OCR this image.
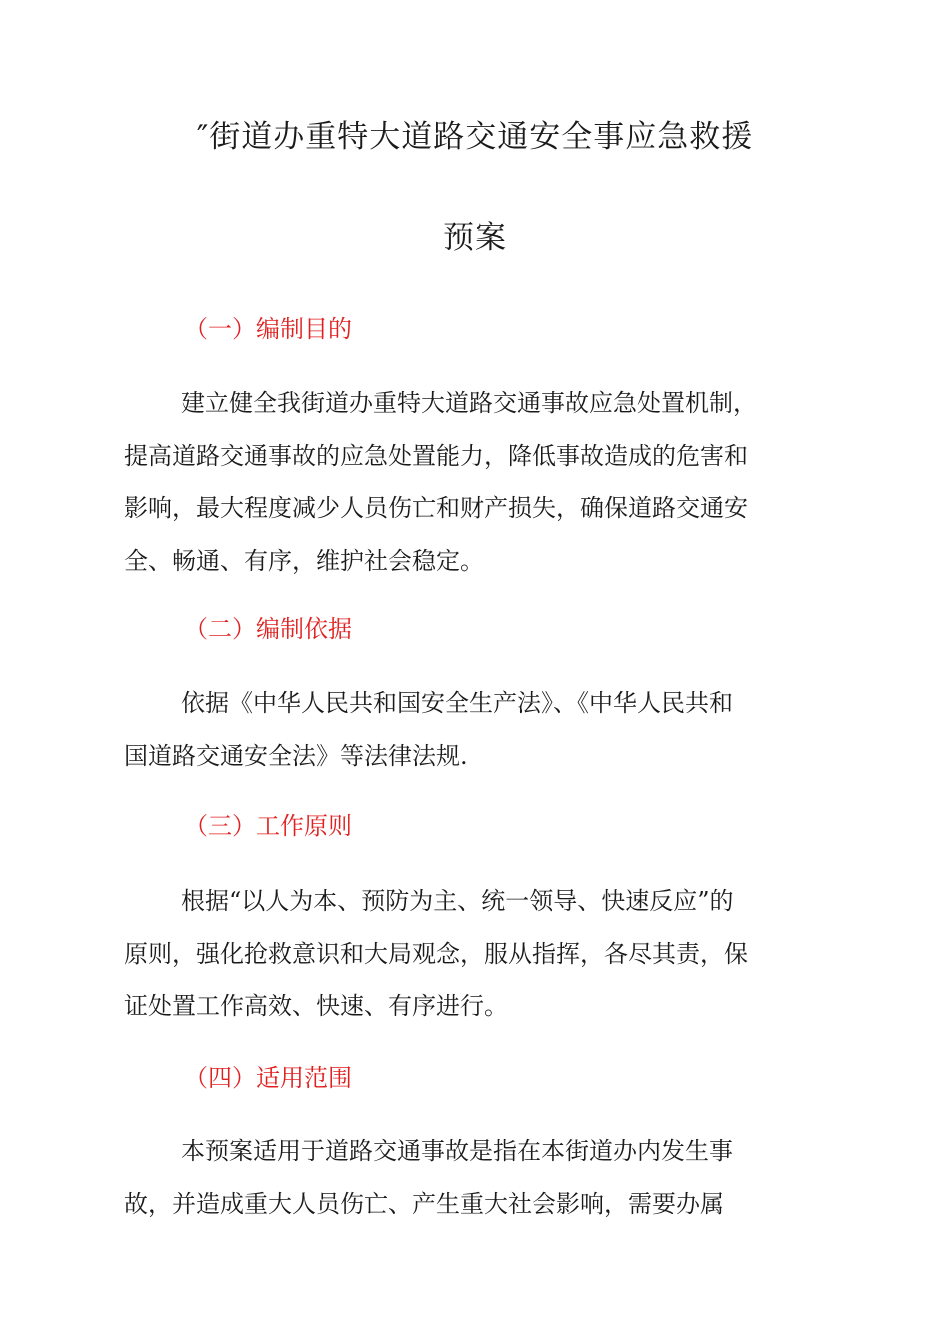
″街道办重特大道路交通安全事应急救援
预案
（一）编制目的
建立健全我街道办重特大道路交通事故应急处置机制，
提高道路交通事故的应急处置能力，降低事故造成的危害和
影响，最大程度减少人员伤亡和财产损失，确保道路交通安
全、畅通、有序，维护社会稳定。
（二）编制依据
依据《中华人民共和国安全生产法》、《中华人民共和
国道路交通安全法》等法律法规.
（三）工作原则
根据“以人为本、预防为主、统一领导、快速反应”的
原则，强化抢救意识和大局观念，服从指挥，各尽其责，保
证处置工作高效、快速、有序进行。
（四）适用范围
本预案适用于道路交通事故是指在本街道办内发生事
故，并造成重大人员伤亡、产生重大社会影响，需要办属
